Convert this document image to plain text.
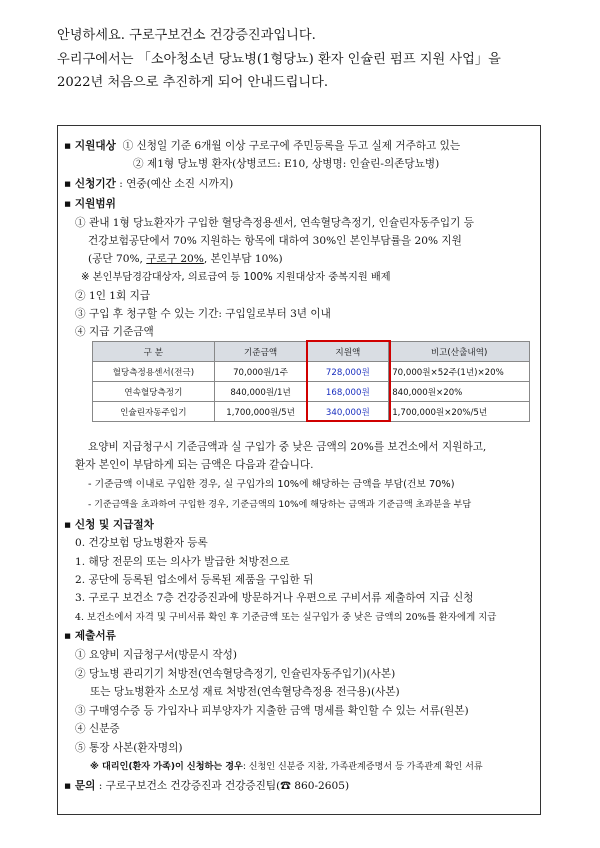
안녕하세요. 구로구보건소 건강증진과입니다.

우리구에서는 「소아청소년 당뇨병(1형당뇨) 환자 인슐린 펌프 지원 사업」을

2022년 처음으로 추진하게 되어 안내드립니다.

▪ 지원대상 ① 신청일 기준 6개월 이상 구로구에 주민등록을 두고 실제 거주하고 있는
② 제1형 당뇨병 환자(상병코드: E10, 상병명: 인슐린-의존당뇨병)
▪ 신청기간 : 연중(예산 소진 시까지)
▪ 지원범위
① 관내 1형 당뇨환자가 구입한 혈당측정용센서, 연속혈당측정기, 인슐린자동주입기 등
건강보험공단에서 70% 지원하는 항목에 대하여 30%인 본인부담률을 20% 지원
(공단 70%, 구로구 20%, 본인부담 10%)
※ 본인부담경감대상자, 의료급여 등 100% 지원대상자 중복지원 배제
② 1인 1회 지급
③ 구입 후 청구할 수 있는 기간: 구입일로부터 3년 이내
④ 지급 기준금액
구 분	기준금액	지원액	비고(산출내역)
혈당측정용센서(전극)	70,000원/1주	728,000원	70,000원×52주(1년)×20%
연속혈당측정기	840,000원/1년	168,000원	840,000원×20%
인슐린자동주입기	1,700,000원/5년	340,000원	1,700,000원×20%/5년
요양비 지급청구시 기준금액과 실 구입가 중 낮은 금액의 20%를 보건소에서 지원하고,
환자 본인이 부담하게 되는 금액은 다음과 같습니다.
- 기준금액 이내로 구입한 경우, 실 구입가의 10%에 해당하는 금액을 부담(건보 70%)
- 기준금액을 초과하여 구입한 경우, 기준금액의 10%에 해당하는 금액과 기준금액 초과분을 부담
▪ 신청 및 지급절차
0. 건강보험 당뇨병환자 등록
1. 해당 전문의 또는 의사가 발급한 처방전으로
2. 공단에 등록된 업소에서 등록된 제품을 구입한 뒤
3. 구로구 보건소 7층 건강증진과에 방문하거나 우편으로 구비서류 제출하여 지급 신청
4. 보건소에서 자격 및 구비서류 확인 후 기준금액 또는 실구입가 중 낮은 금액의 20%를 환자에게 지급
▪ 제출서류
① 요양비 지급청구서(방문시 작성)
② 당뇨병 관리기기 처방전(연속혈당측정기, 인슐린자동주입기)(사본)
또는 당뇨병환자 소모성 재료 처방전(연속혈당측정용 전극용)(사본)
③ 구매영수증 등 가입자나 피부양자가 지출한 금액 명세를 확인할 수 있는 서류(원본)
④ 신분증
⑤ 통장 사본(환자명의)
※ 대리인(환자 가족)이 신청하는 경우: 신청인 신분증 지참, 가족관계증명서 등 가족관계 확인 서류
▪ 문의 : 구로구보건소 건강증진과 건강증진팀(☎ 860-2605)
